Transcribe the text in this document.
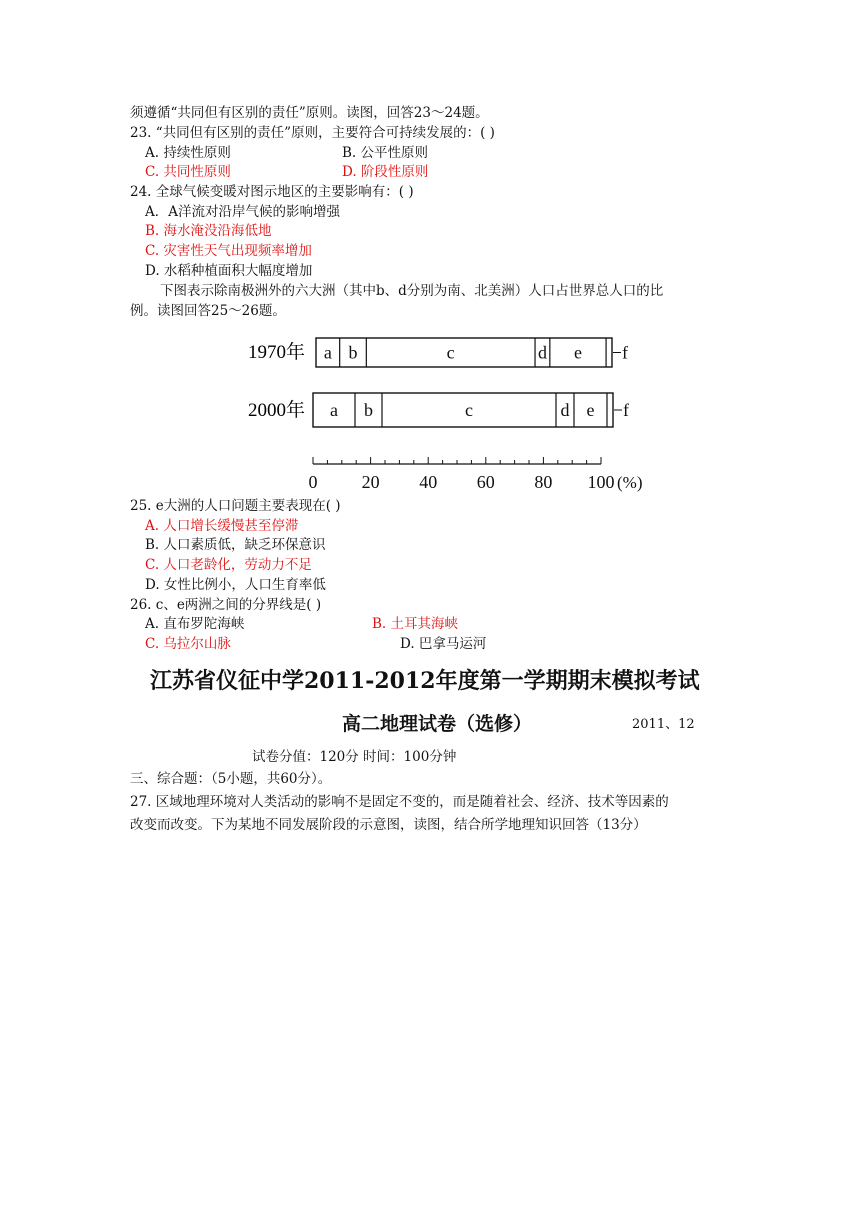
须遵循“共同但有区别的责任”原则。读图，回答23～24题。
23. “共同但有区别的责任”原则，主要符合可持续发展的：( )
A. 持续性原则	B. 公平性原则
C. 共同性原则	D. 阶段性原则
24. 全球气候变暖对图示地区的主要影响有：( )
A．A洋流对沿岸气候的影响增强
B. 海水淹没沿海低地
C. 灾害性天气出现频率增加
D. 水稻种植面积大幅度增加
下图表示除南极洲外的六大洲（其中b、d分别为南、北美洲）人口占世界总人口的比
例。读图回答25～26题。
1970年
2000年
a b	c	d e f
a b	c	d e f
0 20 40 60 80 100 (%)
25. e大洲的人口问题主要表现在( )
A. 人口增长缓慢甚至停滞
B. 人口素质低，缺乏环保意识
C. 人口老龄化，劳动力不足
D. 女性比例小，人口生育率低
26. c、e两洲之间的分界线是( )
A. 直布罗陀海峡	B. 土耳其海峡
C. 乌拉尔山脉	D. 巴拿马运河
江苏省仪征中学2011-2012年度第一学期期末模拟考试
高二地理试卷（选修）	2011、12
试卷分值：120分 时间：100分钟
三、综合题：（5小题，共60分）。
27. 区域地理环境对人类活动的影响不是固定不变的，而是随着社会、经济、技术等因素的
改变而改变。下为某地不同发展阶段的示意图，读图，结合所学地理知识回答（13分）
